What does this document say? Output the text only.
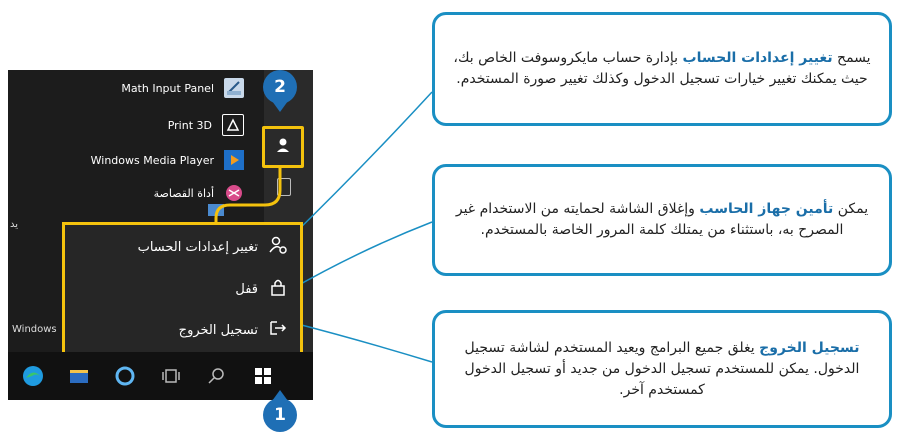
Math Input Panel
Print 3D
Windows Media Player
أداة القصاصة
يد
Windows
تغيير إعدادات الحساب
قفل
تسجيل الخروج
2
1
يسمح تغيير إعدادات الحساب بإدارة حساب مايكروسوفت الخاص بك، حيث يمكنك تغيير خيارات تسجيل الدخول وكذلك تغيير صورة المستخدم.
يمكن تأمين جهاز الحاسب وإغلاق الشاشة لحمايته من الاستخدام غير المصرح به، باستثناء من يمتلك كلمة المرور الخاصة بالمستخدم.
تسجيل الخروج يغلق جميع البرامج ويعيد المستخدم لشاشة تسجيل الدخول. يمكن للمستخدم تسجيل الدخول من جديد أو تسجيل الدخول كمستخدم آخر.
